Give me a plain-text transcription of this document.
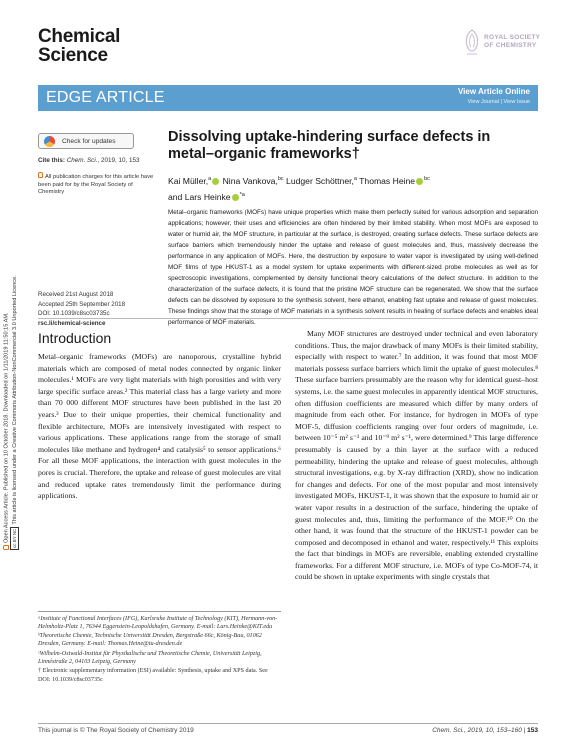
Open Access Article. Published on 10 October 2018. Downloaded on 1/11/2019 11:50:15 AM. cc BY NCThis article is licensed under a Creative Commons Attribution-NonCommercial 3.0 Unported Licence.
Chemical
Science
ROYAL SOCIETY
OF CHEMISTRY
EDGE ARTICLE	View Article Online
View Journal | View Issue
Check for updates
Cite this: Chem. Sci., 2019, 10, 153
All publication charges for this article have been paid for by the Royal Society of Chemistry
Dissolving uptake-hindering surface defects in metal–organic frameworks†
Kai Müller,$^a$ Nina Vankova,$^{bc}$ Ludger Schöttner,$^a$ Thomas Heine $^{bc}$
and Lars Heinke $^{*a}$
Metal–organic frameworks (MOFs) have unique properties which make them perfectly suited for various adsorption and separation applications; however, their uses and efficiencies are often hindered by their limited stability. When most MOFs are exposed to water or humid air, the MOF structure, in particular at the surface, is destroyed, creating surface defects. These surface defects are surface barriers which tremendously hinder the uptake and release of guest molecules and, thus, massively decrease the performance in any application of MOFs. Here, the destruction by exposure to water vapor is investigated by using well-defined MOF films of type HKUST-1 as a model system for uptake experiments with different-sized probe molecules as well as for spectroscopic investigations, complemented by density functional theory calculations of the defect structure. In addition to the characterization of the surface defects, it is found that the pristine MOF structure can be regenerated. We show that the surface defects can be dissolved by exposure to the synthesis solvent, here ethanol, enabling fast uptake and release of guest molecules. These findings show that the storage of MOF materials in a synthesis solvent results in healing of surface defects and enables ideal performance of MOF materials.
Received 21st August 2018
Accepted 25th September 2018
DOI: 10.1039/c8sc03735c
rsc.li/chemical-science
Introduction

Metal–organic frameworks (MOFs) are nanoporous, crystalline hybrid materials which are composed of metal nodes connected by organic linker molecules.¹ MOFs are very light materials with high porosities and with very large specific surface areas.² This material class has a large variety and more than 70 000 different MOF structures have been published in the last 20 years.³ Due to their unique properties, their chemical functionality and flexible architecture, MOFs are intensively investigated with respect to various applications. These applications range from the storage of small molecules like methane and hydrogen⁴ and catalysis⁵ to sensor applications.⁶ For all these MOF applications, the interaction with guest molecules in the pores is crucial. Therefore, the uptake and release of guest molecules are vital and reduced uptake rates tremendously limit the performance during applications.

Many MOF structures are destroyed under technical and even laboratory conditions. Thus, the major drawback of many MOFs is their limited stability, especially with respect to water.⁷ In addition, it was found that most MOF materials possess surface barriers which limit the uptake of guest molecules.⁸ These surface barriers presumably are the reason why for identical guest–host systems, i.e. the same guest molecules in apparently identical MOF structures, often diffusion coefficients are measured which differ by many orders of magnitude from each other. For instance, for hydrogen in MOFs of type MOF-5, diffusion coefficients ranging over four orders of magnitude, i.e. between 10⁻⁵ m² s⁻¹ and 10⁻⁹ m² s⁻¹, were determined.⁹ This large difference presumably is caused by a thin layer at the surface with a reduced permeability, hindering the uptake and release of guest molecules, although structural investigations, e.g. by X-ray diffraction (XRD), show no indication for changes and defects. For one of the most popular and most intensively investigated MOFs, HKUST-1, it was shown that the exposure to humid air or water vapor results in a destruction of the surface, hindering the uptake of guest molecules and, thus, limiting the performance of the MOF.¹⁰ On the other hand, it was found that the structure of the HKUST-1 powder can be composed and decomposed in ethanol and water, respectively.¹¹ This exploits the fact that bindings in MOFs are reversible, enabling extended crystalline frameworks. For a different MOF structure, i.e. MOFs of type Co-MOF-74, it could be shown in uptake experiments with single crystals that

ᵃInstitute of Functional Interfaces (IFG), Karlsruhe Institute of Technology (KIT), Hermann-von-Helmholtz-Platz 1, 76344 Eggenstein-Leopoldshafen, Germany. E-mail: Lars.Heinke@KIT.edu
ᵇTheoretische Chemie, Technische Universität Dresden, Bergstraße 66c, König-Bau, 01062 Dresden, Germany. E-mail: Thomas.Heine@tu-dresden.de
ᶜWilhelm-Ostwald-Institut für Physikalische und Theoretische Chemie, Universität Leipzig, Linnéstraße 2, 04103 Leipzig, Germany
† Electronic supplementary information (ESI) available: Synthesis, uptake and XPS data. See DOI: 10.1039/c8sc03735c
This journal is © The Royal Society of Chemistry 2019	Chem. Sci., 2019, 10, 153–160 | 153
